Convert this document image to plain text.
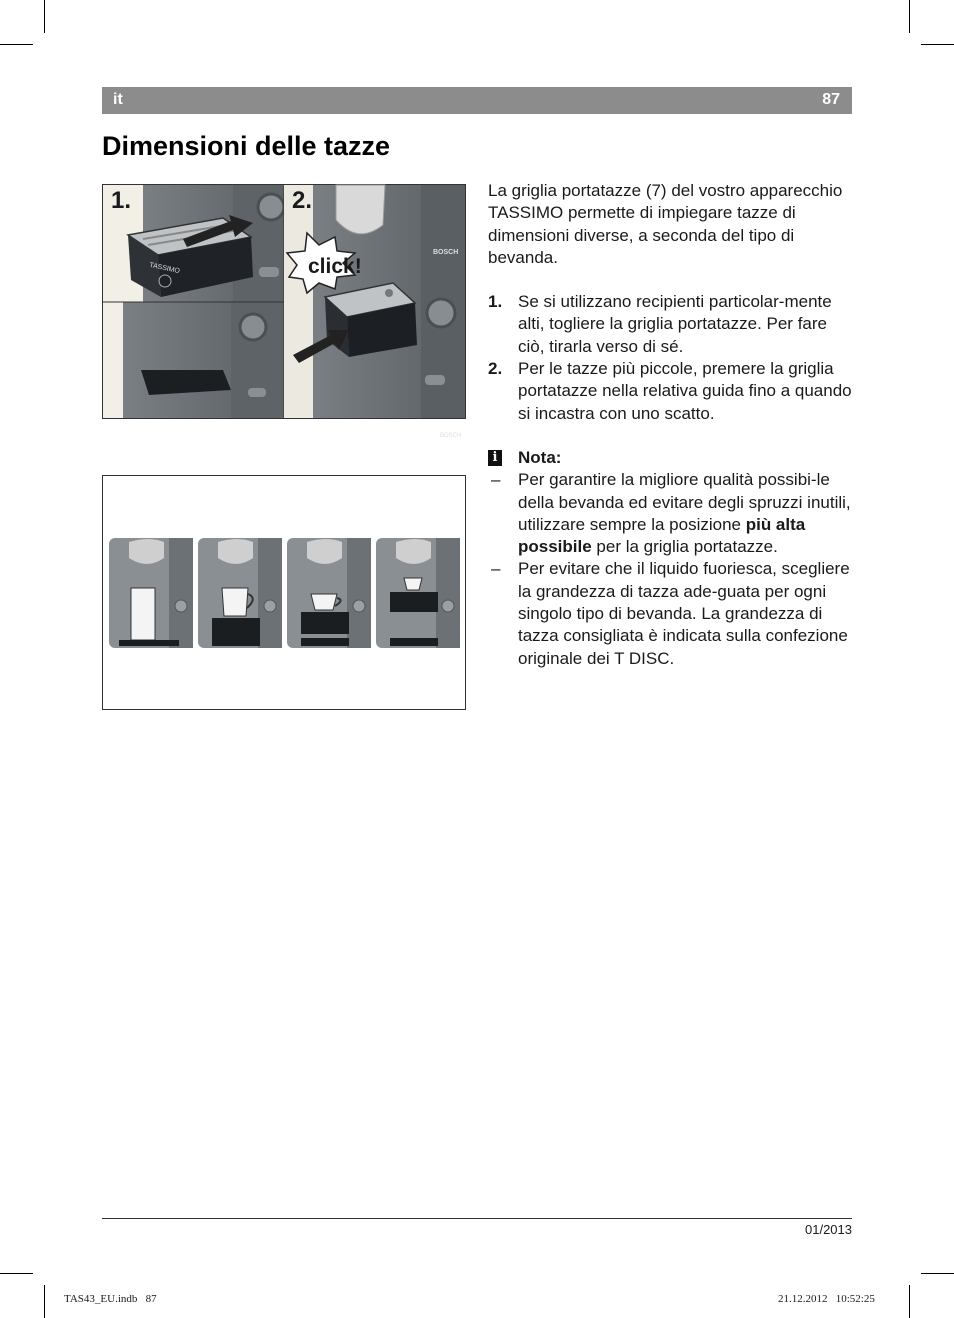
it	87
Dimensioni delle tazze
BOSCH
1.	2.
click!
TASSIMO
BOSCH

La griglia portatazze (7) del vostro apparecchio TASSIMO permette di impiegare tazze di dimensioni diverse, a seconda del tipo di bevanda.

1. Se si utilizzano recipienti particolar-mente alti, togliere la griglia portatazze. Per fare ciò, tirarla verso di sé.
2. Per le tazze più piccole, premere la griglia portatazze nella relativa guida fino a quando si incastra con uno scatto.

i Nota:

– Per garantire la migliore qualità possibi-le della bevanda ed evitare degli spruzzi inutili, utilizzare sempre la posizione più alta possibile per la griglia portatazze.
– Per evitare che il liquido fuoriesca, scegliere la grandezza di tazza ade-guata per ogni singolo tipo di bevanda. La grandezza di tazza consigliata è indicata sulla confezione originale dei T DISC.
01/2013
TAS43_EU.indb   87	21.12.2012   10:52:25
